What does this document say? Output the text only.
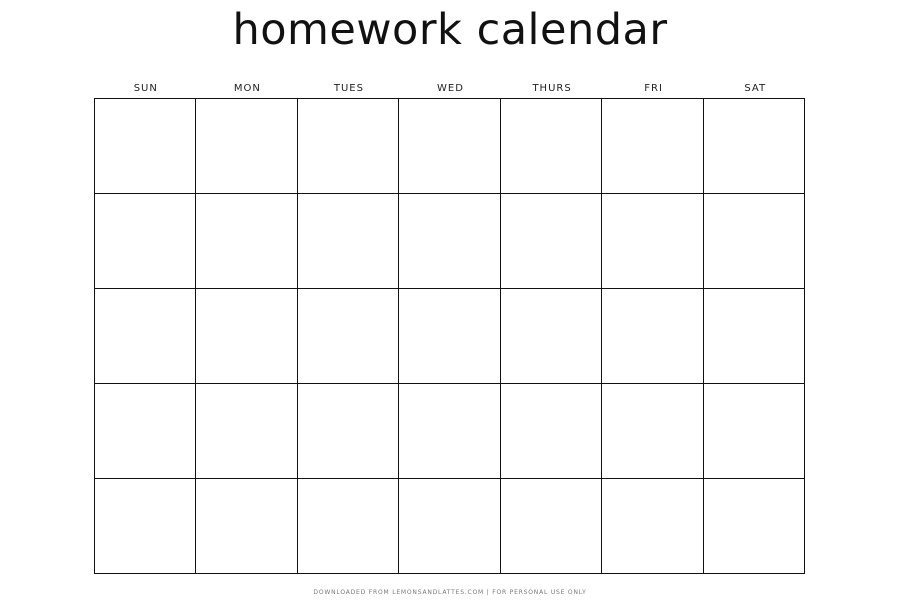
homework calendar
SUN	MON	TUES	WED	THURS	FRI	SAT
DOWNLOADED FROM LEMONSANDLATTES.COM | FOR PERSONAL USE ONLY
